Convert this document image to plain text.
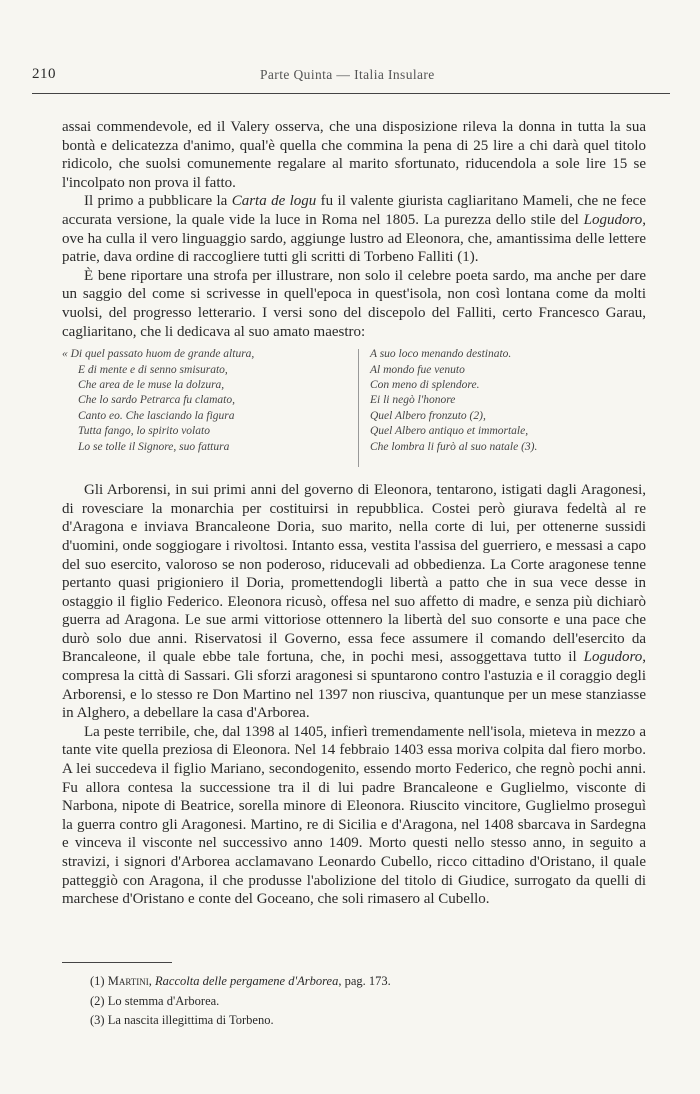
210	Parte Quinta — Italia Insulare

assai commendevole, ed il Valery osserva, che una disposizione rileva la donna in tutta la sua bontà e delicatezza d'animo, qual'è quella che commina la pena di 25 lire a chi darà quel titolo ridicolo, che suolsi comunemente regalare al marito sfortunato, riducendola a sole lire 15 se l'incolpato non prova il fatto.

Il primo a pubblicare la Carta de logu fu il valente giurista cagliaritano Mameli, che ne fece accurata versione, la quale vide la luce in Roma nel 1805. La purezza dello stile del Logudoro, ove ha culla il vero linguaggio sardo, aggiunge lustro ad Eleonora, che, amantissima delle lettere patrie, dava ordine di raccogliere tutti gli scritti di Torbeno Falliti (1).

È bene riportare una strofa per illustrare, non solo il celebre poeta sardo, ma anche per dare un saggio del come si scrivesse in quell'epoca in quest'isola, non così lontana come da molti vuolsi, del progresso letterario. I versi sono del discepolo del Falliti, certo Francesco Garau, cagliaritano, che li dedicava al suo amato maestro:

« Di quel passato huom de grande altura,
E di mente e di senno smisurato,
Che area de le muse la dolzura,
Che lo sardo Petrarca fu clamato,
Canto eo. Che lasciando la figura
Tutta fango, lo spirito volato
Lo se tolle il Signore, suo fattura
A suo loco menando destinato.
Al mondo fue venuto
Con meno di splendore.
Ei li negò l'honore
Quel Albero fronzuto (2),
Quel Albero antiquo et immortale,
Che lombra li furò al suo natale (3).

Gli Arborensi, in sui primi anni del governo di Eleonora, tentarono, istigati dagli Aragonesi, di rovesciare la monarchia per costituirsi in repubblica. Costei però giurava fedeltà al re d'Aragona e inviava Brancaleone Doria, suo marito, nella corte di lui, per ottenerne sussidi d'uomini, onde soggiogare i rivoltosi. Intanto essa, vestita l'assisa del guerriero, e messasi a capo del suo esercito, valoroso se non poderoso, riducevali ad obbedienza. La Corte aragonese tenne pertanto quasi prigioniero il Doria, promettendogli libertà a patto che in sua vece desse in ostaggio il figlio Federico. Eleonora ricusò, offesa nel suo affetto di madre, e senza più dichiarò guerra ad Aragona. Le sue armi vittoriose ottennero la libertà del suo consorte e una pace che durò solo due anni. Riservatosi il Governo, essa fece assumere il comando dell'esercito da Brancaleone, il quale ebbe tale fortuna, che, in pochi mesi, assoggettava tutto il Logudoro, compresa la città di Sassari. Gli sforzi aragonesi si spuntarono contro l'astuzia e il coraggio degli Arborensi, e lo stesso re Don Martino nel 1397 non riusciva, quantunque per un mese stanziasse in Alghero, a debellare la casa d'Arborea.

La peste terribile, che, dal 1398 al 1405, infierì tremendamente nell'isola, mieteva in mezzo a tante vite quella preziosa di Eleonora. Nel 14 febbraio 1403 essa moriva colpita dal fiero morbo. A lei succedeva il figlio Mariano, secondogenito, essendo morto Federico, che regnò pochi anni. Fu allora contesa la successione tra il di lui padre Brancaleone e Guglielmo, visconte di Narbona, nipote di Beatrice, sorella minore di Eleonora. Riuscito vincitore, Guglielmo proseguì la guerra contro gli Aragonesi. Martino, re di Sicilia e d'Aragona, nel 1408 sbarcava in Sardegna e vinceva il visconte nel successivo anno 1409. Morto questi nello stesso anno, in seguito a stravizi, i signori d'Arborea acclamavano Leonardo Cubello, ricco cittadino d'Oristano, il quale patteggiò con Aragona, il che produsse l'abolizione del titolo di Giudice, surrogato da quelli di marchese d'Oristano e conte del Goceano, che soli rimasero al Cubello.

(1) Martini, Raccolta delle pergamene d'Arborea, pag. 173.
(2) Lo stemma d'Arborea.
(3) La nascita illegittima di Torbeno.
